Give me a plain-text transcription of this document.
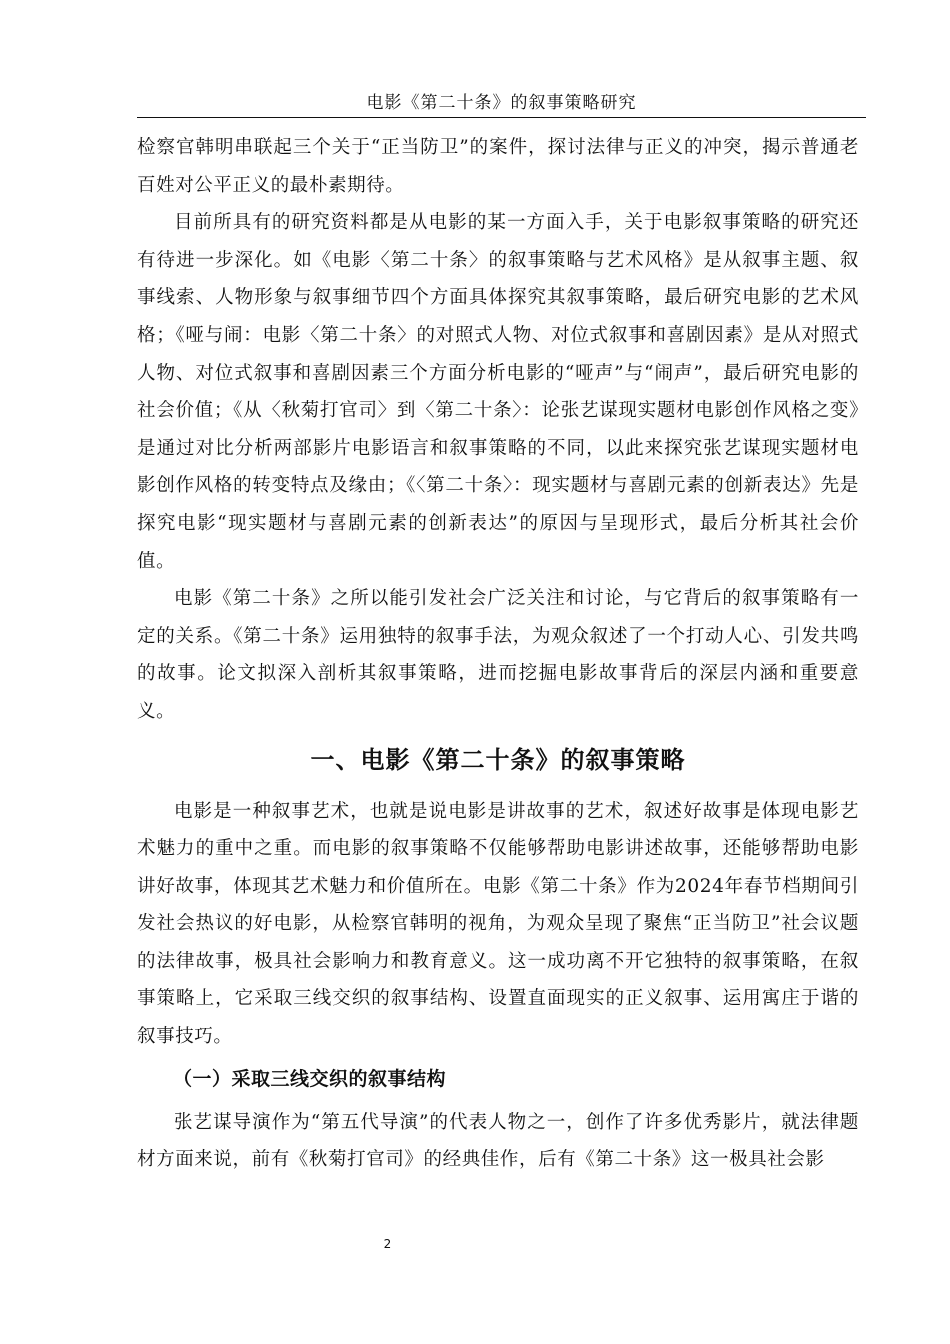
电影《第二十条》的叙事策略研究

检察官韩明串联起三个关于“正当防卫”的案件，探讨法律与正义的冲突，揭示普通老百姓对公平正义的最朴素期待。

目前所具有的研究资料都是从电影的某一方面入手，关于电影叙事策略的研究还有待进一步深化。如《电影〈第二十条〉的叙事策略与艺术风格》是从叙事主题、叙事线索、人物形象与叙事细节四个方面具体探究其叙事策略，最后研究电影的艺术风格；《哑与闹：电影〈第二十条〉的对照式人物、对位式叙事和喜剧因素》是从对照式人物、对位式叙事和喜剧因素三个方面分析电影的“哑声”与“闹声”，最后研究电影的社会价值；《从〈秋菊打官司〉到〈第二十条〉：论张艺谋现实题材电影创作风格之变》是通过对比分析两部影片电影语言和叙事策略的不同，以此来探究张艺谋现实题材电影创作风格的转变特点及缘由；《〈第二十条〉：现实题材与喜剧元素的创新表达》先是探究电影“现实题材与喜剧元素的创新表达”的原因与呈现形式，最后分析其社会价值。

电影《第二十条》之所以能引发社会广泛关注和讨论，与它背后的叙事策略有一定的关系。《第二十条》运用独特的叙事手法，为观众叙述了一个打动人心、引发共鸣的故事。论文拟深入剖析其叙事策略，进而挖掘电影故事背后的深层内涵和重要意义。

一、电影《第二十条》的叙事策略

电影是一种叙事艺术，也就是说电影是讲故事的艺术，叙述好故事是体现电影艺术魅力的重中之重。而电影的叙事策略不仅能够帮助电影讲述故事，还能够帮助电影讲好故事，体现其艺术魅力和价值所在。电影《第二十条》作为2024年春节档期间引发社会热议的好电影，从检察官韩明的视角，为观众呈现了聚焦“正当防卫”社会议题的法律故事，极具社会影响力和教育意义。这一成功离不开它独特的叙事策略，在叙事策略上，它采取三线交织的叙事结构、设置直面现实的正义叙事、运用寓庄于谐的叙事技巧。

（一）采取三线交织的叙事结构

张艺谋导演作为“第五代导演”的代表人物之一，创作了许多优秀影片，就法律题材方面来说，前有《秋菊打官司》的经典佳作，后有《第二十条》这一极具社会影

2
